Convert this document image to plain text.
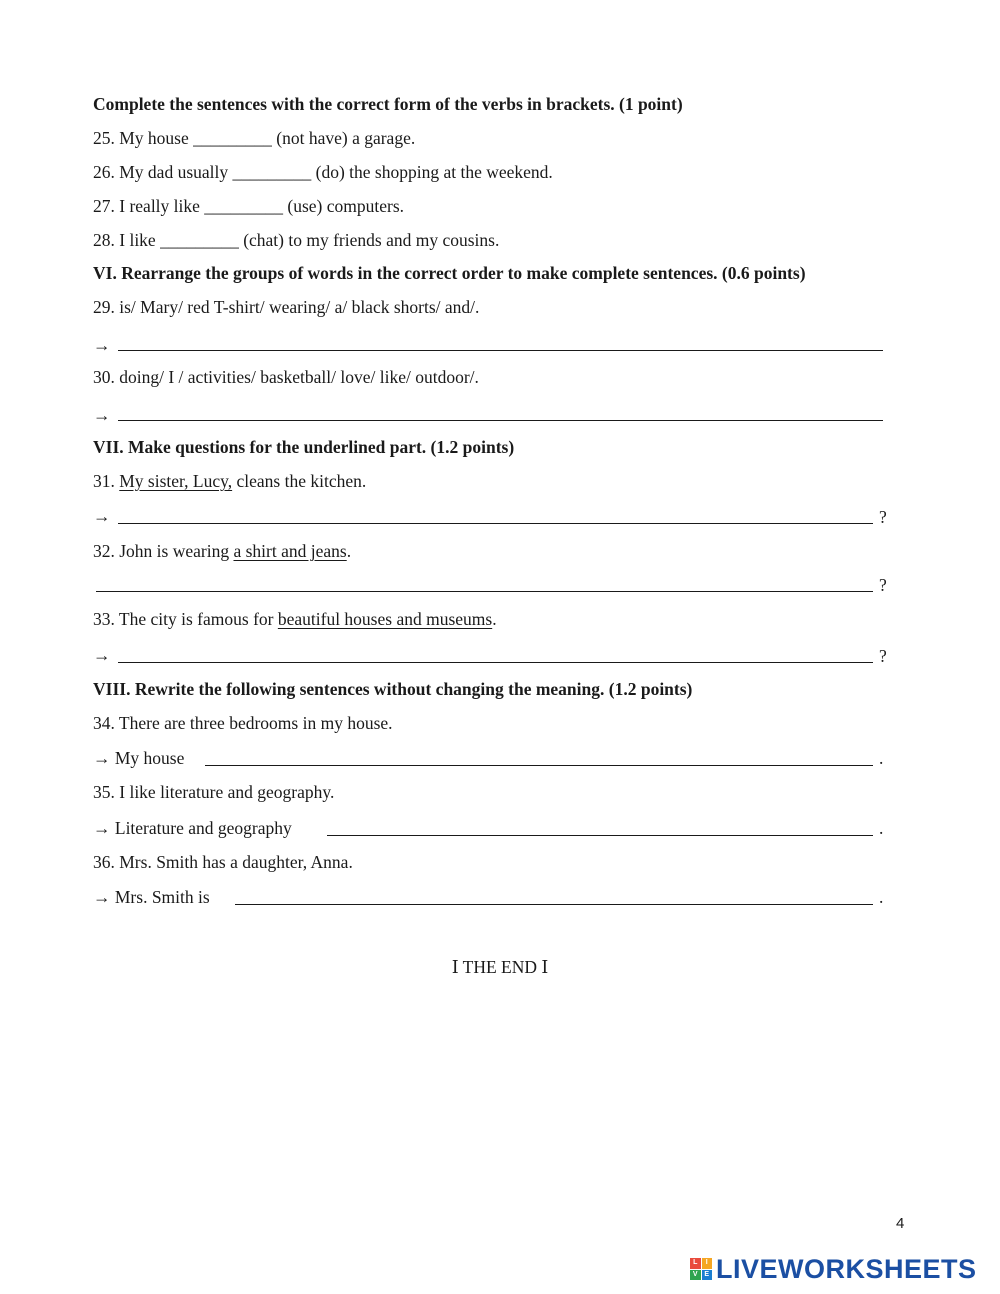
Complete the sentences with the correct form of the verbs in brackets. (1 point)
25. My house _________ (not have) a garage.
26. My dad usually _________ (do) the shopping at the weekend.
27. I really like _________ (use) computers.
28. I like _________ (chat) to my friends and my cousins.
VI. Rearrange the groups of words in the correct order to make complete sentences. (0.6 points)
29. is/ Mary/ red T-shirt/ wearing/ a/ black shorts/ and/.
→
30. doing/ I / activities/ basketball/ love/ like/ outdoor/.
→
VII. Make questions for the underlined part. (1.2 points)
31. My sister, Lucy, cleans the kitchen.
→	?
32. John is wearing a shirt and jeans.
?
33. The city is famous for beautiful houses and museums.
→	?
VIII. Rewrite the following sentences without changing the meaning. (1.2 points)
34. There are three bedrooms in my house.
→ My house	.
35. I like literature and geography.
→ Literature and geography	.
36. Mrs. Smith has a daughter, Anna.
→ Mrs. Smith is	.
Ⅰ THE END Ⅰ
4
L	I
V E LIVEWORKSHEETS
